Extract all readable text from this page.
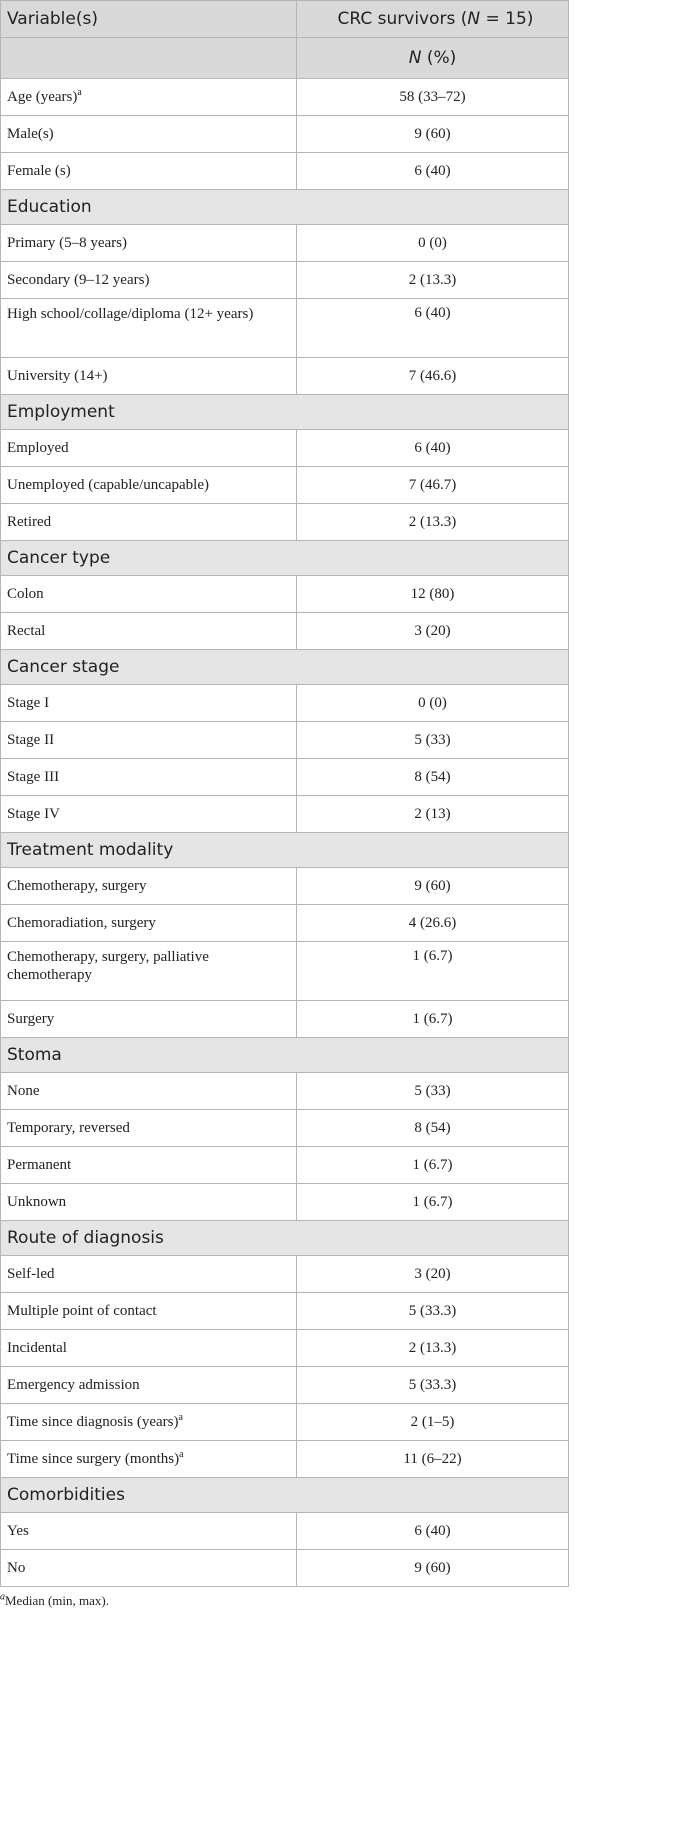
Variable(s)	CRC survivors (N = 15)
	N (%)
Age (years)$^a$	58 (33–72)
Male(s)	9 (60)
Female (s)	6 (40)
Education	
Primary (5–8 years)	0 (0)
Secondary (9–12 years)	2 (13.3)
High school/collage/diploma (12+ years)	6 (40)
University (14+)	7 (46.6)
Employment	
Employed	6 (40)
Unemployed (capable/uncapable)	7 (46.7)
Retired	2 (13.3)
Cancer type	
Colon	12 (80)
Rectal	3 (20)
Cancer stage	
Stage I	0 (0)
Stage II	5 (33)
Stage III	8 (54)
Stage IV	2 (13)
Treatment modality	
Chemotherapy, surgery	9 (60)
Chemoradiation, surgery	4 (26.6)
Chemotherapy, surgery, palliative chemotherapy	1 (6.7)
Surgery	1 (6.7)
Stoma	
None	5 (33)
Temporary, reversed	8 (54)
Permanent	1 (6.7)
Unknown	1 (6.7)
Route of diagnosis	
Self-led	3 (20)
Multiple point of contact	5 (33.3)
Incidental	2 (13.3)
Emergency admission	5 (33.3)
Time since diagnosis (years)$^a$	2 (1–5)
Time since surgery (months)$^a$	11 (6–22)
Comorbidities	
Yes	6 (40)
No	9 (60)
$^a$Median (min, max).
